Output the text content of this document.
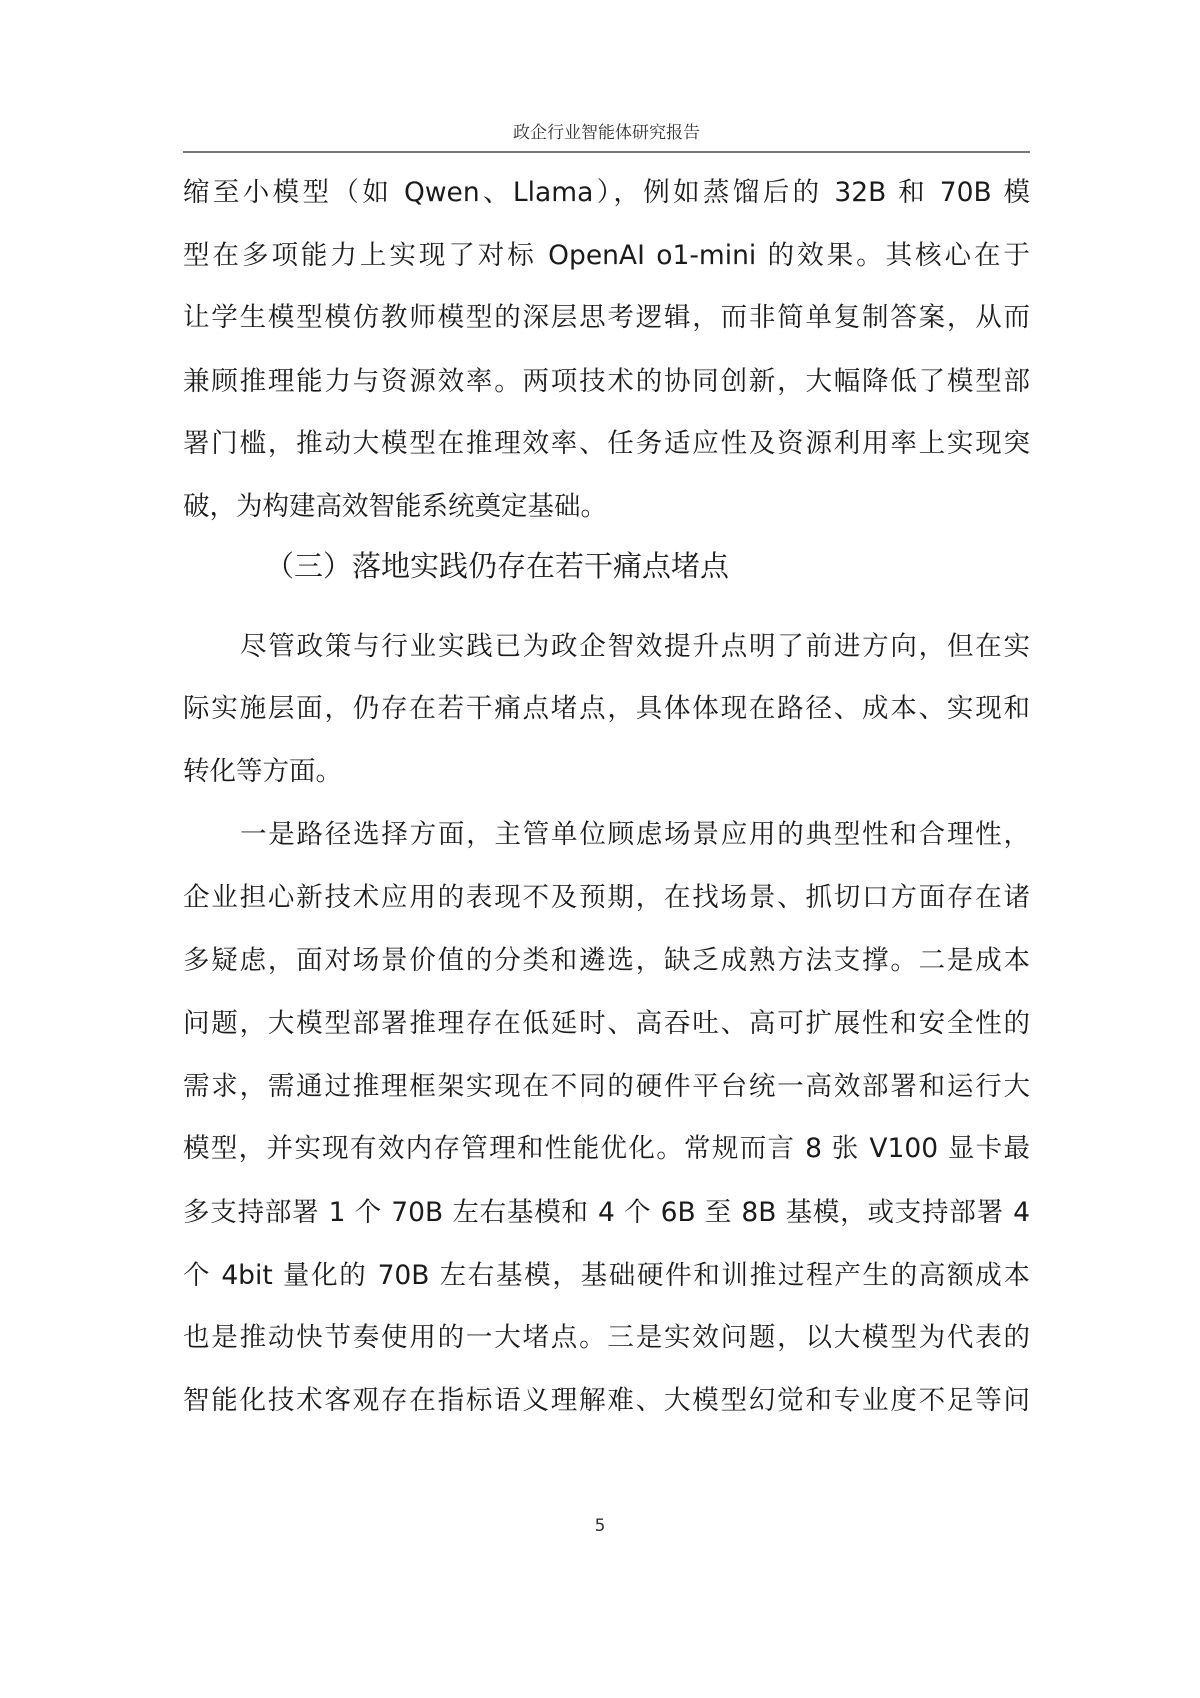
政企行业智能体研究报告
缩至小模型（如 Qwen、Llama），例如蒸馏后的 32B 和 70B 模
型在多项能力上实现了对标 OpenAI o1-mini 的效果。其核心在于
让学生模型模仿教师模型的深层思考逻辑，而非简单复制答案，从而
兼顾推理能力与资源效率。两项技术的协同创新，大幅降低了模型部
署门槛，推动大模型在推理效率、任务适应性及资源利用率上实现突
破，为构建高效智能系统奠定基础。
（三）落地实践仍存在若干痛点堵点
尽管政策与行业实践已为政企智效提升点明了前进方向，但在实
际实施层面，仍存在若干痛点堵点，具体体现在路径、成本、实现和
转化等方面。
一是路径选择方面，主管单位顾虑场景应用的典型性和合理性，
企业担心新技术应用的表现不及预期，在找场景、抓切口方面存在诸
多疑虑，面对场景价值的分类和遴选，缺乏成熟方法支撑。二是成本
问题，大模型部署推理存在低延时、高吞吐、高可扩展性和安全性的
需求，需通过推理框架实现在不同的硬件平台统一高效部署和运行大
模型，并实现有效内存管理和性能优化。常规而言 8 张 V100 显卡最
多支持部署 1 个 70B 左右基模和 4 个 6B 至 8B 基模，或支持部署 4
个 4bit 量化的 70B 左右基模，基础硬件和训推过程产生的高额成本
也是推动快节奏使用的一大堵点。三是实效问题，以大模型为代表的
智能化技术客观存在指标语义理解难、大模型幻觉和专业度不足等问
5
